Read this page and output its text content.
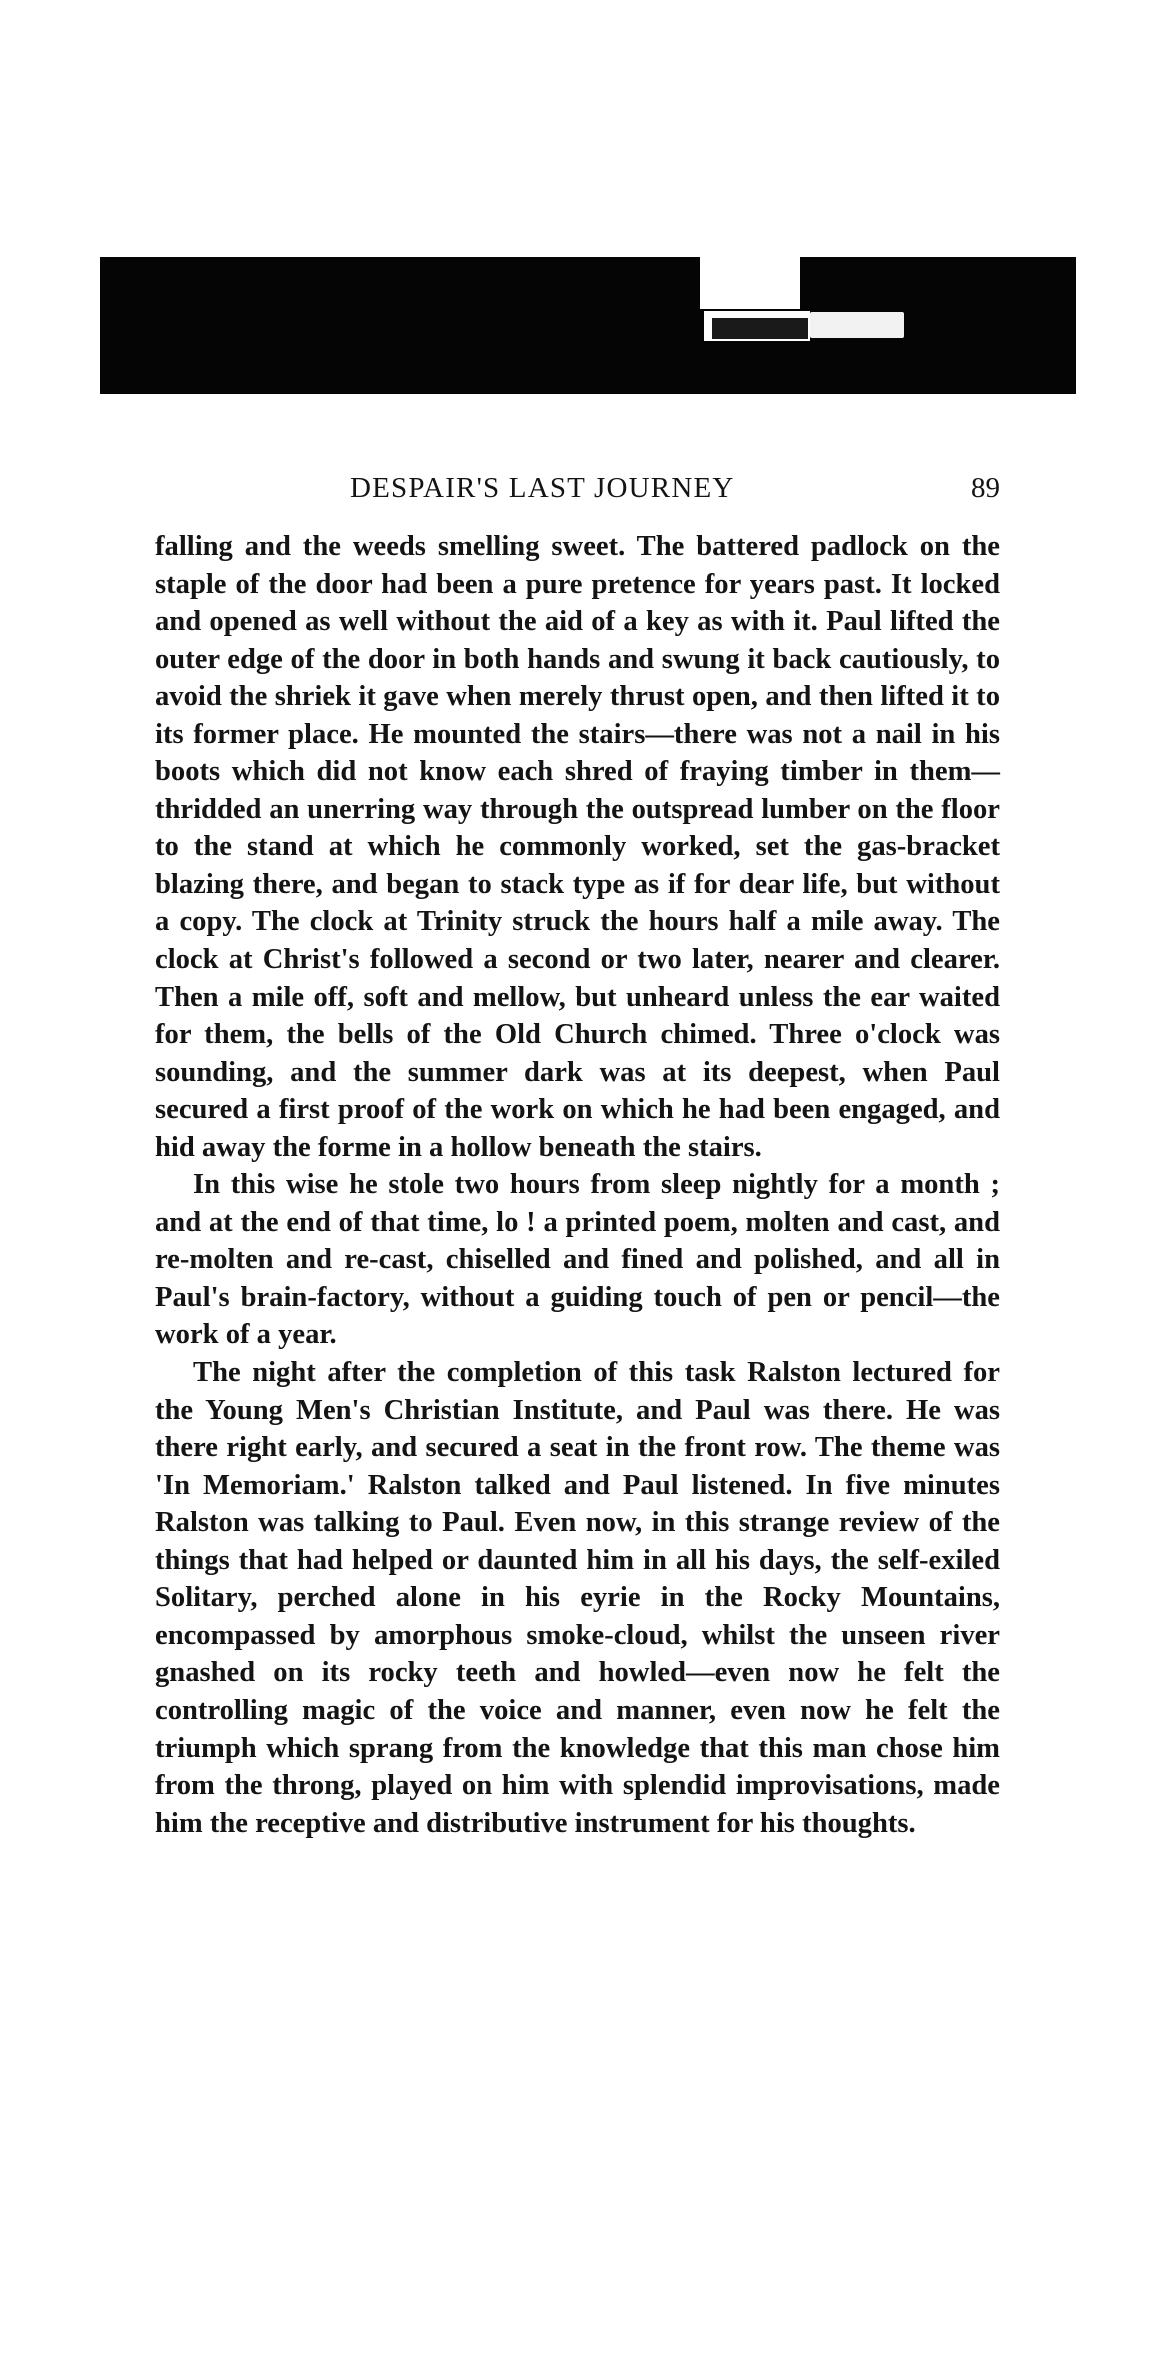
DESPAIR'S LAST JOURNEY	89

falling and the weeds smelling sweet. The battered padlock on the staple of the door had been a pure pretence for years past. It locked and opened as well without the aid of a key as with it. Paul lifted the outer edge of the door in both hands and swung it back cautiously, to avoid the shriek it gave when merely thrust open, and then lifted it to its former place. He mounted the stairs—there was not a nail in his boots which did not know each shred of fraying timber in them—thridded an unerring way through the outspread lumber on the floor to the stand at which he commonly worked, set the gas-bracket blazing there, and began to stack type as if for dear life, but without a copy. The clock at Trinity struck the hours half a mile away. The clock at Christ's followed a second or two later, nearer and clearer. Then a mile off, soft and mellow, but unheard unless the ear waited for them, the bells of the Old Church chimed. Three o'clock was sounding, and the summer dark was at its deepest, when Paul secured a first proof of the work on which he had been engaged, and hid away the forme in a hollow beneath the stairs.

In this wise he stole two hours from sleep nightly for a month ; and at the end of that time, lo ! a printed poem, molten and cast, and re-molten and re-cast, chiselled and fined and polished, and all in Paul's brain-factory, without a guiding touch of pen or pencil—the work of a year.

The night after the completion of this task Ralston lectured for the Young Men's Christian Institute, and Paul was there. He was there right early, and secured a seat in the front row. The theme was 'In Memoriam.' Ralston talked and Paul listened. In five minutes Ralston was talking to Paul. Even now, in this strange review of the things that had helped or daunted him in all his days, the self-exiled Solitary, perched alone in his eyrie in the Rocky Mountains, encompassed by amorphous smoke-cloud, whilst the unseen river gnashed on its rocky teeth and howled—even now he felt the controlling magic of the voice and manner, even now he felt the triumph which sprang from the knowledge that this man chose him from the throng, played on him with splendid improvisations, made him the receptive and distributive instrument for his thoughts.
